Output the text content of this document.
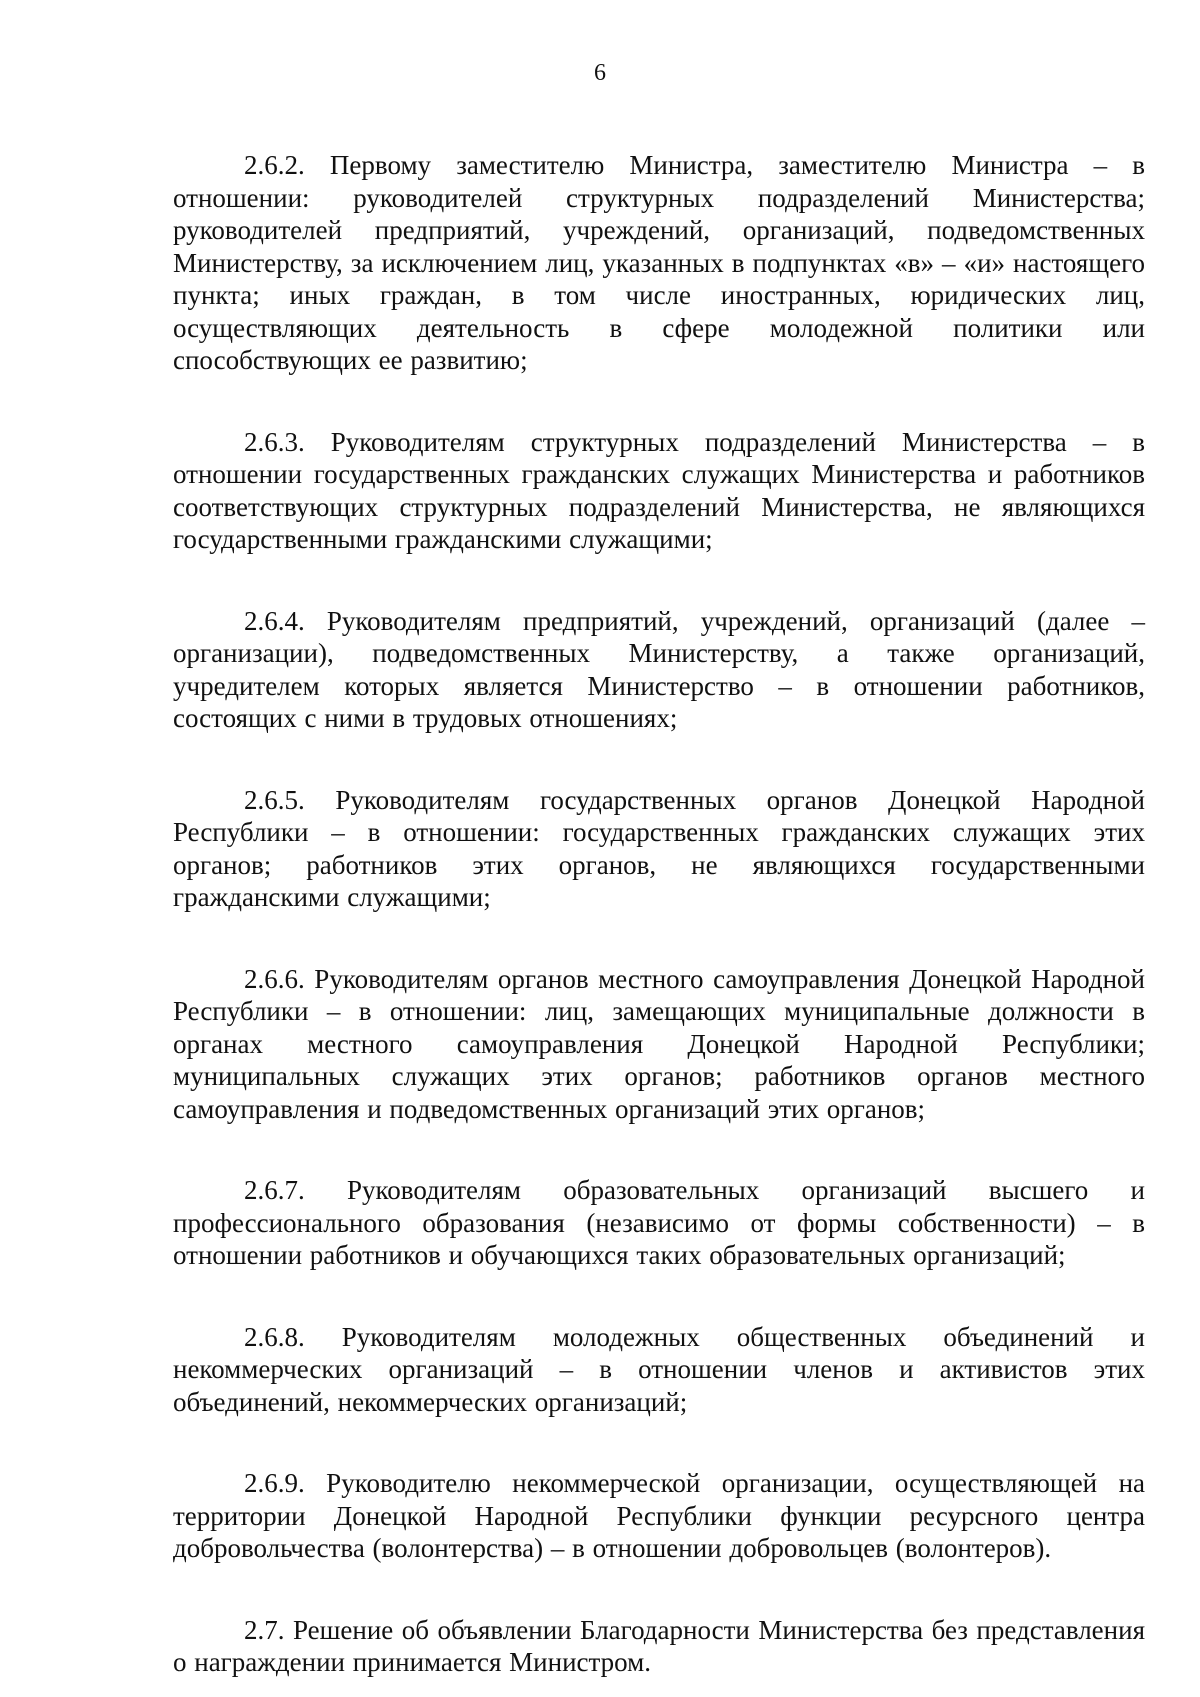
6

2.6.2. Первому заместителю Министра, заместителю Министра – в отношении: руководителей структурных подразделений Министерства; руководителей предприятий, учреждений, организаций, подведомственных Министерству, за исключением лиц, указанных в подпунктах «в» – «и» настоящего пункта; иных граждан, в том числе иностранных, юридических лиц, осуществляющих деятельность в сфере молодежной политики или способствующих ее развитию;

2.6.3. Руководителям структурных подразделений Министерства – в отношении государственных гражданских служащих Министерства и работников соответствующих структурных подразделений Министерства, не являющихся государственными гражданскими служащими;

2.6.4. Руководителям предприятий, учреждений, организаций (далее – организации), подведомственных Министерству, а также организаций, учредителем которых является Министерство – в отношении работников, состоящих с ними в трудовых отношениях;

2.6.5. Руководителям государственных органов Донецкой Народной Республики – в отношении: государственных гражданских служащих этих органов; работников этих органов, не являющихся государственными гражданскими служащими;

2.6.6. Руководителям органов местного самоуправления Донецкой Народной Республики – в отношении: лиц, замещающих муниципальные должности в органах местного самоуправления Донецкой Народной Республики; муниципальных служащих этих органов; работников органов местного самоуправления и подведомственных организаций этих органов;

2.6.7. Руководителям образовательных организаций высшего и профессионального образования (независимо от формы собственности) – в отношении работников и обучающихся таких образовательных организаций;

2.6.8. Руководителям молодежных общественных объединений и некоммерческих организаций – в отношении членов и активистов этих объединений, некоммерческих организаций;

2.6.9. Руководителю некоммерческой организации, осуществляющей на территории Донецкой Народной Республики функции ресурсного центра добровольчества (волонтерства) – в отношении добровольцев (волонтеров).

2.7. Решение об объявлении Благодарности Министерства без представления о награждении принимается Министром.
